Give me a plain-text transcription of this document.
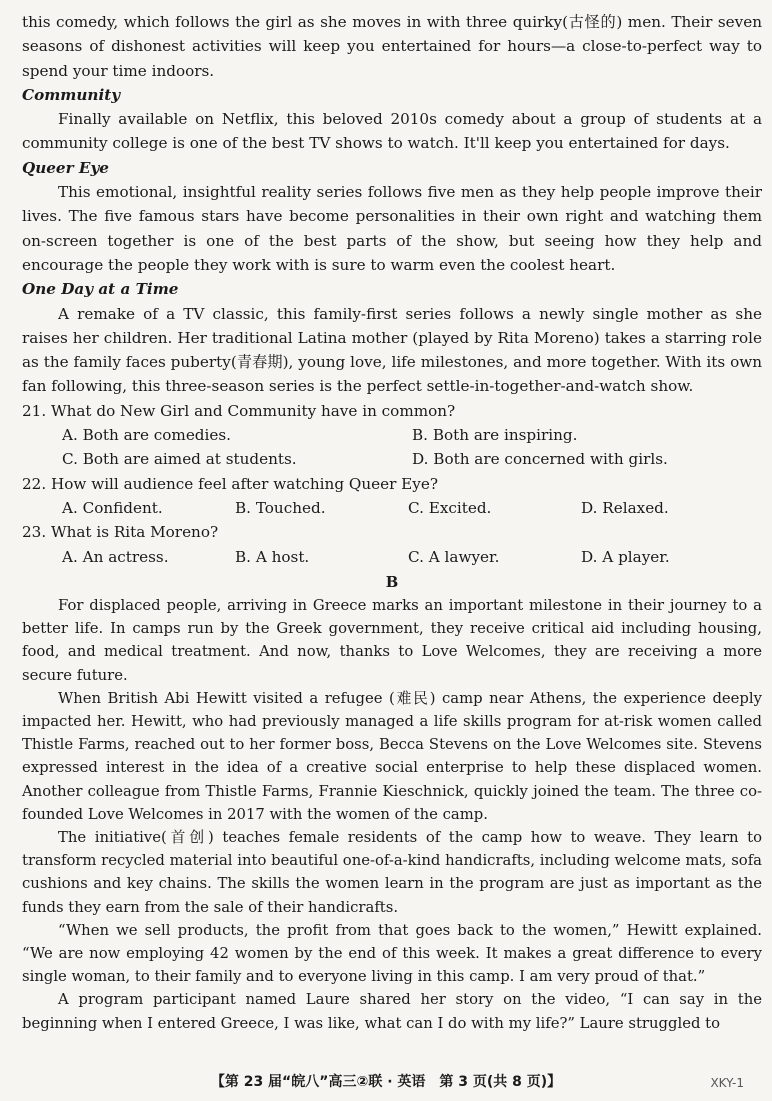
this comedy, which follows the girl as she moves in with three quirky(古怪的) men. Their seven seasons of dishonest activities will keep you entertained for hours—a close-to-perfect way to spend your time indoors.

Community

Finally available on Netflix, this beloved 2010s comedy about a group of students at a community college is one of the best TV shows to watch. It'll keep you entertained for days.

Queer Eye

This emotional, insightful reality series follows five men as they help people improve their lives. The five famous stars have become personalities in their own right and watching them on-screen together is one of the best parts of the show, but seeing how they help and encourage the people they work with is sure to warm even the coolest heart.

One Day at a Time

A remake of a TV classic, this family-first series follows a newly single mother as she raises her children. Her traditional Latina mother (played by Rita Moreno) takes a starring role as the family faces puberty(青春期), young love, life milestones, and more together. With its own fan following, this three-season series is the perfect settle-in-together-and-watch show.

21. What do New Girl and Community have in common?

A. Both are comedies.	B. Both are inspiring.
C. Both are aimed at students.	D. Both are concerned with girls.

22. How will audience feel after watching Queer Eye?

A. Confident.	B. Touched.	C. Excited.	D. Relaxed.

23. What is Rita Moreno?

A. An actress.	B. A host.	C. A lawyer.	D. A player.

B

For displaced people, arriving in Greece marks an important milestone in their journey to a better life. In camps run by the Greek government, they receive critical aid including housing, food, and medical treatment. And now, thanks to Love Welcomes, they are receiving a more secure future.

When British Abi Hewitt visited a refugee (难民) camp near Athens, the experience deeply impacted her. Hewitt, who had previously managed a life skills program for at-risk women called Thistle Farms, reached out to her former boss, Becca Stevens on the Love Welcomes site. Stevens expressed interest in the idea of a creative social enterprise to help these displaced women. Another colleague from Thistle Farms, Frannie Kieschnick, quickly joined the team. The three co-founded Love Welcomes in 2017 with the women of the camp.

The initiative(首创) teaches female residents of the camp how to weave. They learn to transform recycled material into beautiful one-of-a-kind handicrafts, including welcome mats, sofa cushions and key chains. The skills the women learn in the program are just as important as the funds they earn from the sale of their handicrafts.

“When we sell products, the profit from that goes back to the women,” Hewitt explained. “We are now employing 42 women by the end of this week. It makes a great difference to every single woman, to their family and to everyone living in this camp. I am very proud of that.”

A program participant named Laure shared her story on the video, “I can say in the beginning when I entered Greece, I was like, what can I do with my life?” Laure struggled to

【第 23 届“皖八”高三②联 · 英语　第 3 页(共 8 页)】	XKY-1
